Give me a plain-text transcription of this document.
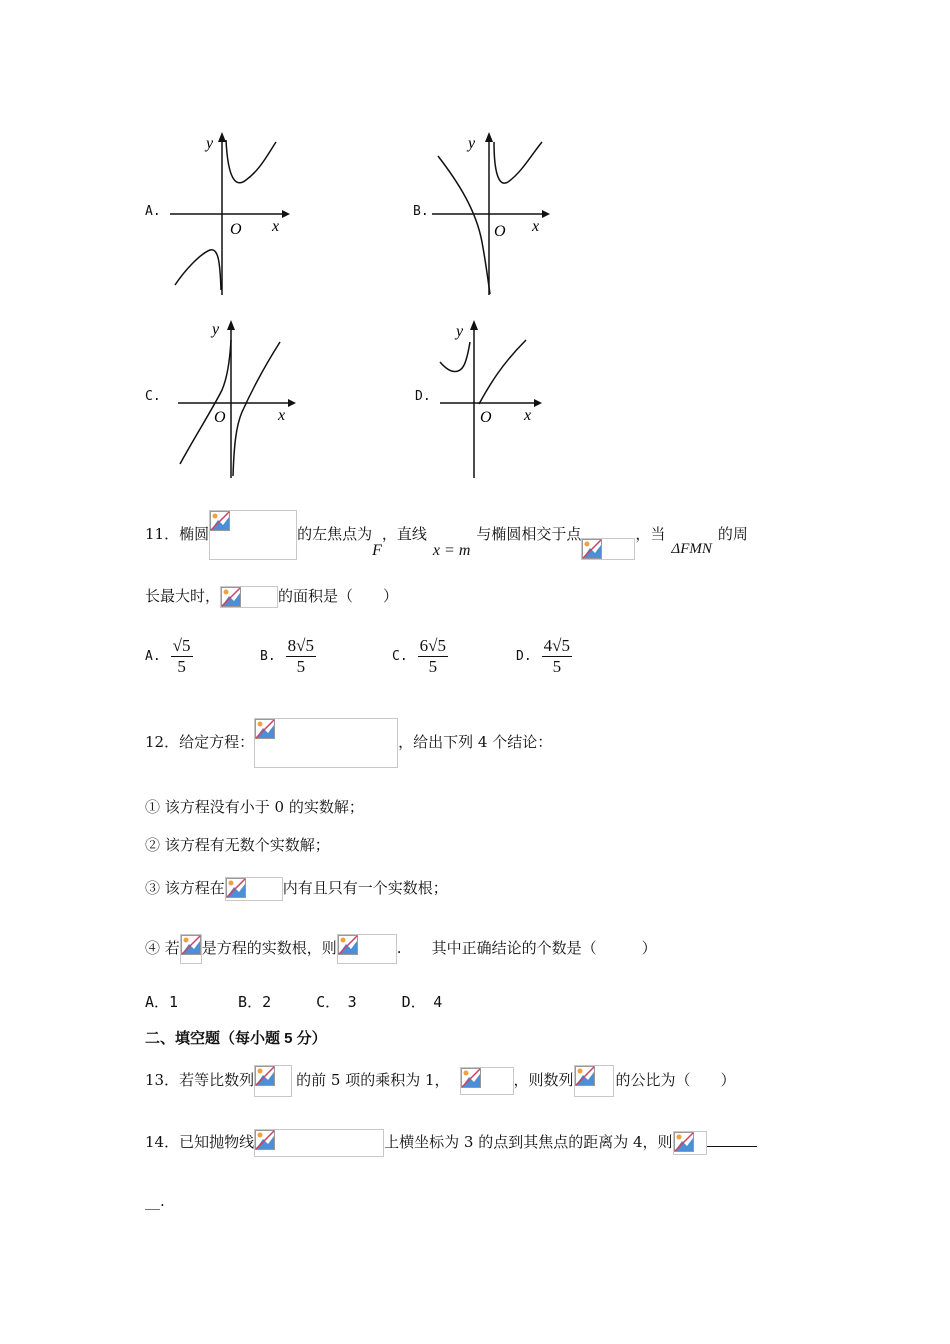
A.
y
x
O
B.
y
x
O
C.
y
x
O
D.
y
x
O
11．椭圆	的左焦点为F，直线x = m与椭圆相交于点	，当ΔFMN的周
长最大时，	的面积是（　　）
A. $\frac{√5}{5}$	B. $\frac{8√5}{5}$	C. $\frac{6√5}{5}$	D. $\frac{4√5}{5}$
12．给定方程：	，给出下列 4 个结论：
① 该方程没有小于 0 的实数解；
② 该方程有无数个实数解；
③ 该方程在	内有且只有一个实数根；
④ 若 是方程的实数根，则	.　　其中正确结论的个数是（　　　）
A．1　　　　B．2　　　C．　3　　　D．　4
二、填空题（每小题 5 分）
13．若等比数列	的前 5 项的乘积为 1，	，则数列	的公比为（　　）
14．已知抛物线	上横坐标为 3 的点到其焦点的距离为 4，则
__.
